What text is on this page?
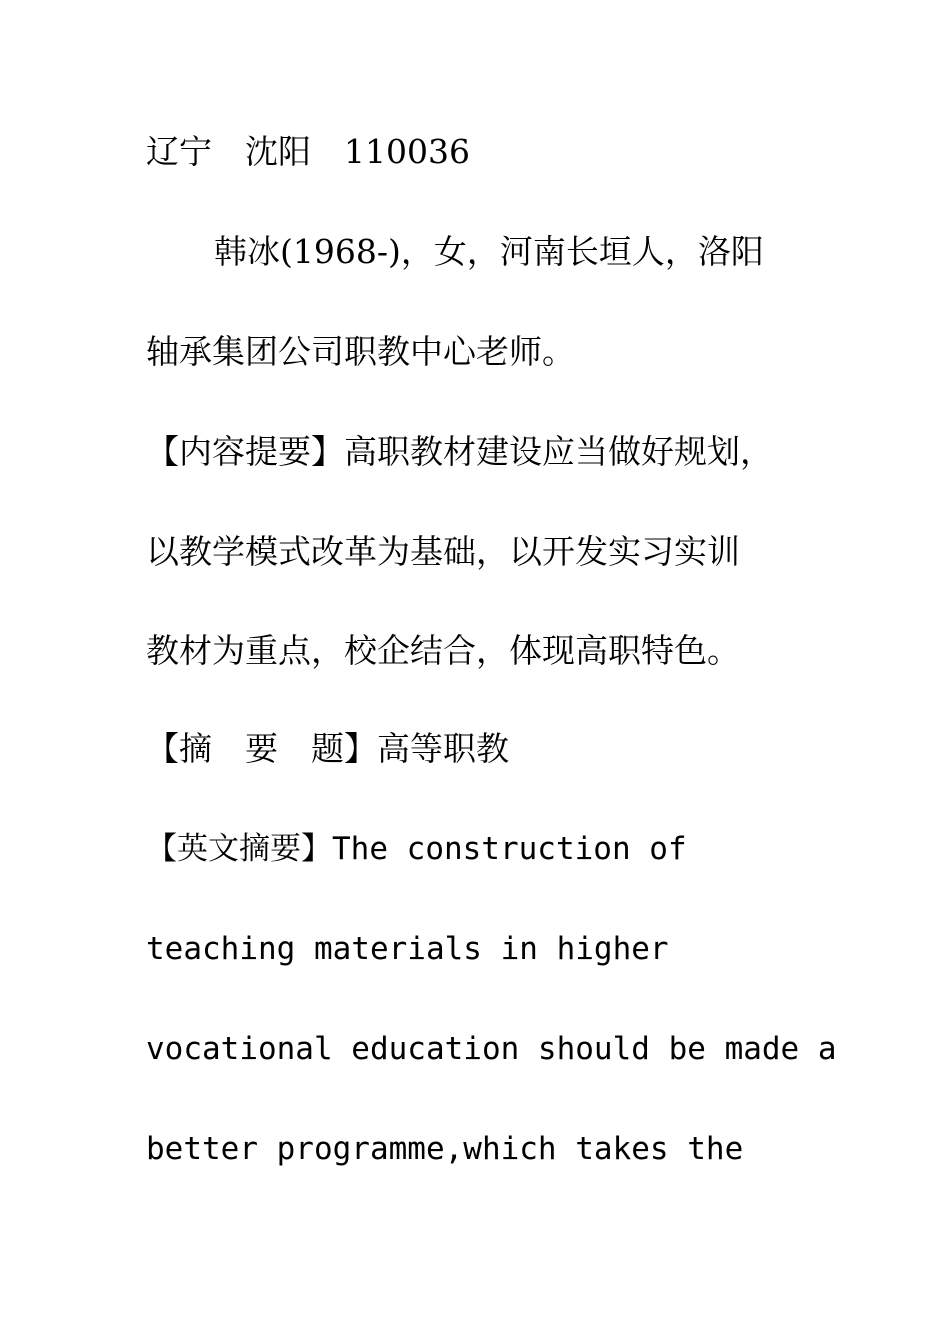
辽宁　沈阳　110036
韩冰(1968-)，女，河南长垣人，洛阳
轴承集团公司职教中心老师。
【内容提要】高职教材建设应当做好规划，
以教学模式改革为基础，以开发实习实训
教材为重点，校企结合，体现高职特色。
【摘　要　题】高等职教
【英文摘要】The construction of
teaching materials in higher
vocational education should be made a
better programme,which takes the
